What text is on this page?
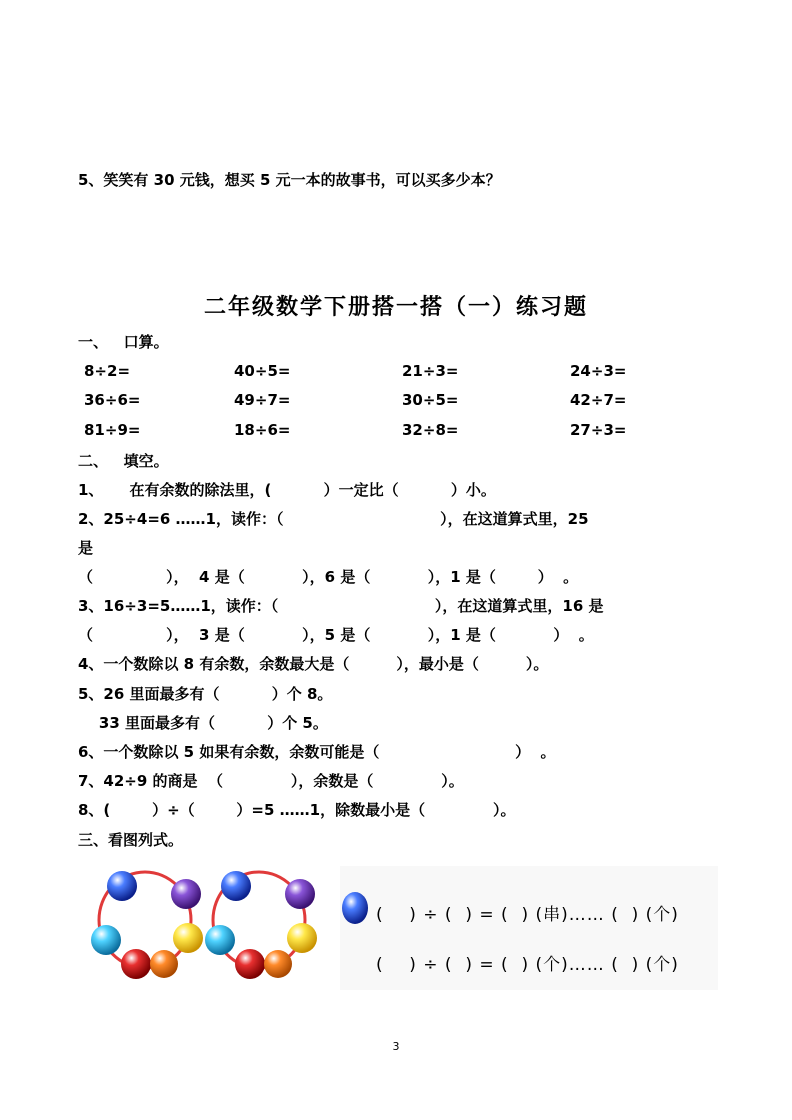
5、笑笑有 30 元钱，想买 5 元一本的故事书，可以买多少本？
二年级数学下册搭一搭（一）练习题
一、   口算。
8÷2=	40÷5=	21÷3=	24÷3=
36÷6=	49÷7=	30÷5=	42÷7=
81÷9=	18÷6=	32÷8=	27÷3=
二、   填空。
1、     在有余数的除法里，(          ）一定比（          ）小。
2、25÷4=6 ……1，读作：（                              ），在这道算式里，25
是
（              ），  4 是（           ），6 是（           ），1 是（        ）  。
3、16÷3=5……1，读作：（                              ），在这道算式里，16 是
（              ），  3 是（           ），5 是（           ），1 是（           ）  。
4、一个数除以 8 有余数，余数最大是（         ），最小是（         ）。
5、26 里面最多有（          ）个 8。
33 里面最多有（          ）个 5。
6、一个数除以 5 如果有余数，余数可能是（                          ）  。
7、42÷9 的商是  （             ），余数是（             ）。
8、(        ）÷（        ）=5 ……1，除数最小是（             ）。
三、看图列式。
(    ) ÷ (  ) = (  ) (串)…… (  ) (个)
(    ) ÷ (  ) = (  ) (个)…… (  ) (个)
3
